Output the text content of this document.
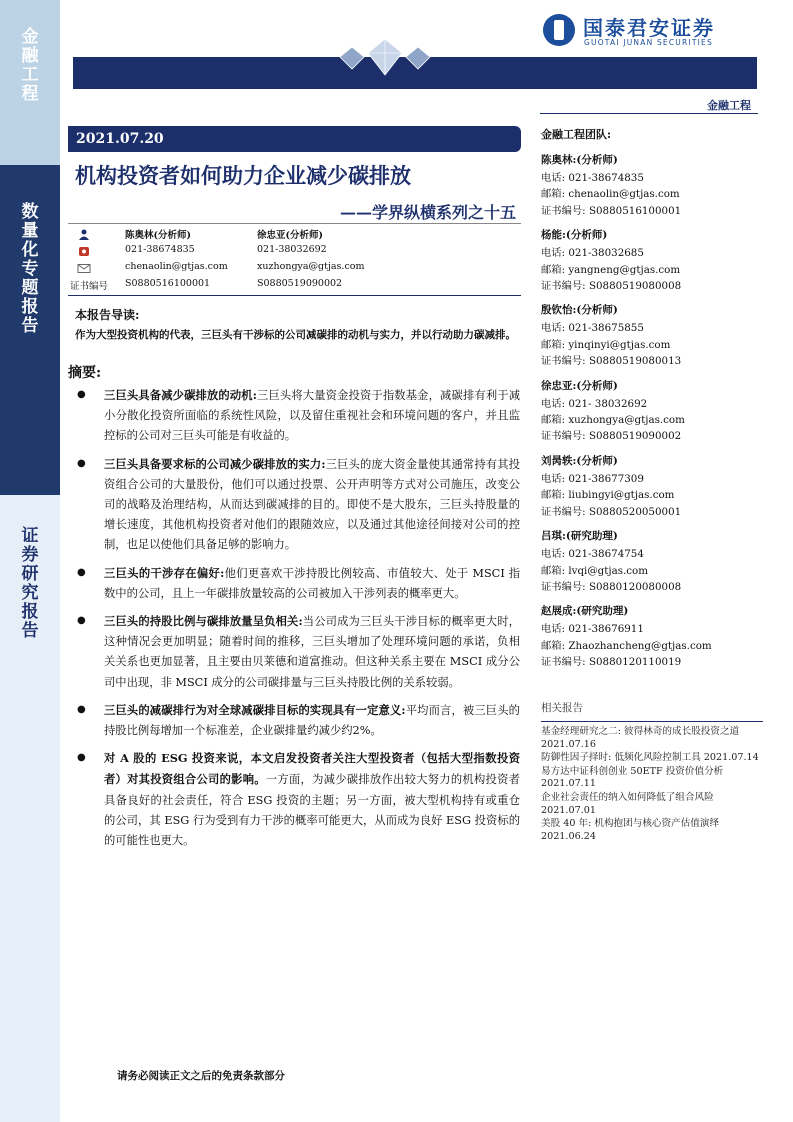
金
融
工
程
数
量
化
专
题
报
告
证
券
研
究
报
告
国泰君安证券
GUOTAI JUNAN SECURITIES
金融工程
2021.07.20
机构投资者如何助力企业减少碳排放
——学界纵横系列之十五
陈奥林(分析师)	徐忠亚(分析师)
021-38674835	021-38032692
chenaolin@gtjas.com	xuzhongya@gtjas.com
证书编号 S0880516100001	S0880519090002
本报告导读:
作为大型投资机构的代表，三巨头有干涉标的公司减碳排的动机与实力，并以行动助力碳减排。
摘要:
● 三巨头具备减少碳排放的动机:三巨头将大量资金投资于指数基金，减碳排有利于减小分散化投资所面临的系统性风险，以及留住重视社会和环境问题的客户，并且监控标的公司对三巨头可能是有收益的。
● 三巨头具备要求标的公司减少碳排放的实力:三巨头的庞大资金量使其通常持有其投资组合公司的大量股份，他们可以通过投票、公开声明等方式对公司施压，改变公司的战略及治理结构，从而达到碳减排的目的。即使不是大股东，三巨头持股量的增长速度，其他机构投资者对他们的跟随效应，以及通过其他途径间接对公司的控制，也足以使他们具备足够的影响力。
● 三巨头的干涉存在偏好:他们更喜欢干涉持股比例较高、市值较大、处于 MSCI 指数中的公司，且上一年碳排放量较高的公司被加入干涉列表的概率更大。
● 三巨头的持股比例与碳排放量呈负相关:当公司成为三巨头干涉目标的概率更大时，这种情况会更加明显；随着时间的推移，三巨头增加了处理环境问题的承诺，负相关关系也更加显著，且主要由贝莱德和道富推动。但这种关系主要在 MSCI 成分公司中出现，非 MSCI 成分的公司碳排量与三巨头持股比例的关系较弱。
● 三巨头的减碳排行为对全球减碳排目标的实现具有一定意义:平均而言，被三巨头的持股比例每增加一个标准差，企业碳排量约减少约2%。
● 对 A 股的 ESG 投资来说，本文启发投资者关注大型投资者（包括大型指数投资者）对其投资组合公司的影响。一方面，为减少碳排放作出较大努力的机构投资者具备良好的社会责任，符合 ESG 投资的主题；另一方面，被大型机构持有或重仓的公司，其 ESG 行为受到有力干涉的概率可能更大，从而成为良好 ESG 投资标的的可能性也更大。
金融工程团队:
陈奥林:(分析师)
电话: 021-38674835
邮箱: chenaolin@gtjas.com
证书编号: S0880516100001
杨能:(分析师)
电话: 021-38032685
邮箱: yangneng@gtjas.com
证书编号: S0880519080008
殷钦怡:(分析师)
电话: 021-38675855
邮箱: yinqinyi@gtjas.com
证书编号: S0880519080013
徐忠亚:(分析师)
电话: 021- 38032692
邮箱: xuzhongya@gtjas.com
证书编号: S0880519090002
刘昺轶:(分析师)
电话: 021-38677309
邮箱: liubingyi@gtjas.com
证书编号: S0880520050001
吕琪:(研究助理)
电话: 021-38674754
邮箱: lvqi@gtjas.com
证书编号: S0880120080008
赵展成:(研究助理)
电话: 021-38676911
邮箱: Zhaozhancheng@gtjas.com
证书编号: S0880120110019
相关报告
基金经理研究之二: 彼得林奇的成长股投资之道 2021.07.16
防御性因子择时: 低频化风险控制工具 2021.07.14
易方达中证科创创业 50ETF 投资价值分析 2021.07.11
企业社会责任的纳入如何降低了组合风险 2021.07.01
美股 40 年: 机构抱团与核心资产估值演绎 2021.06.24
请务必阅读正文之后的免责条款部分
